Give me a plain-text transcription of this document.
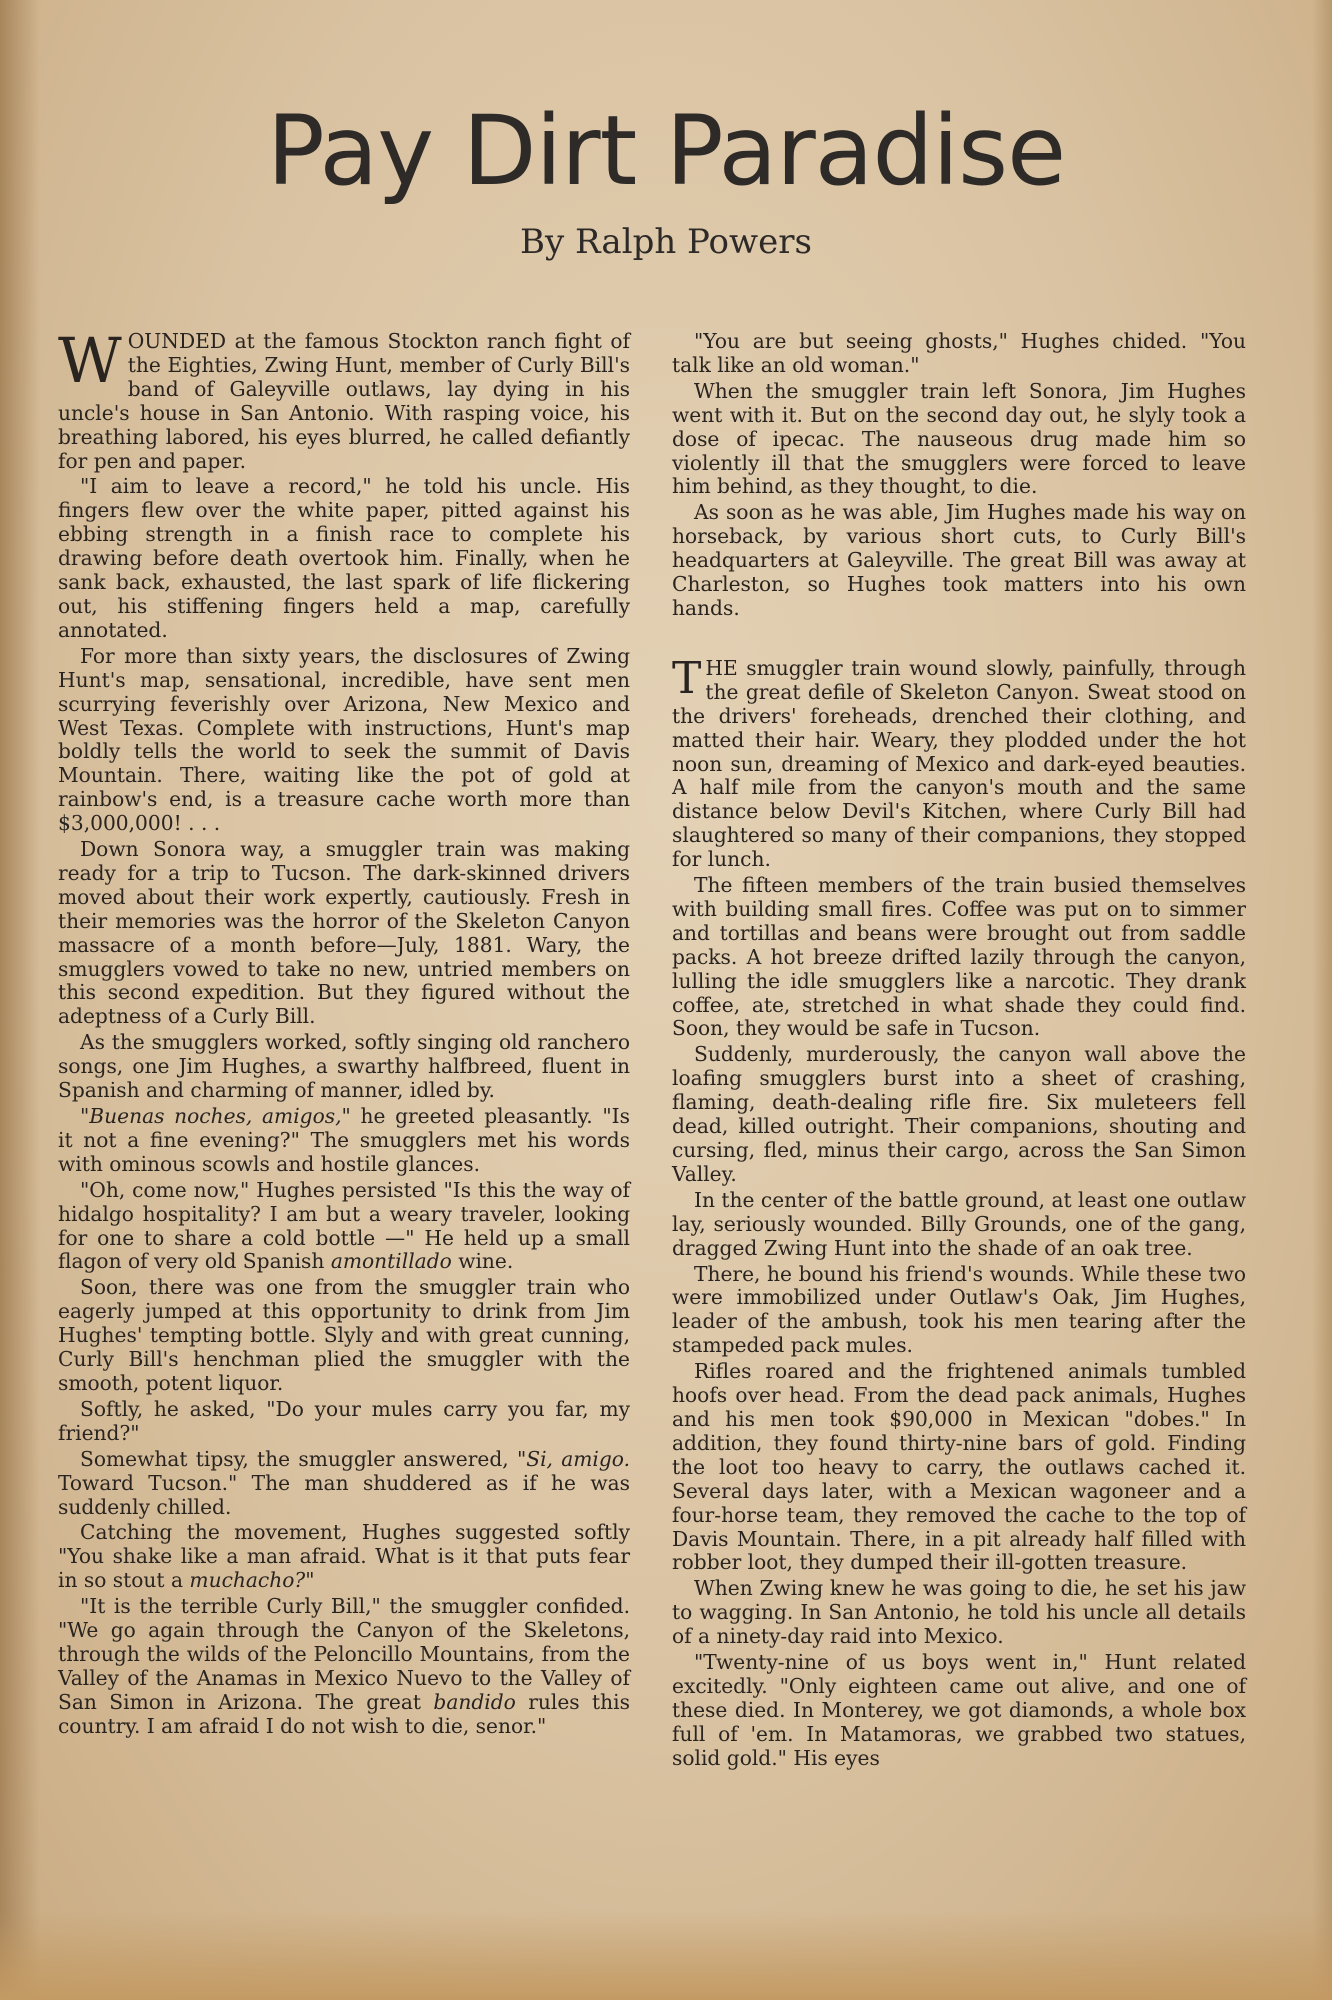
Pay Dirt Paradise
By Ralph Powers

WOUNDED at the famous Stockton ranch fight of the Eighties, Zwing Hunt, member of Curly Bill's band of Galeyville outlaws, lay dying in his uncle's house in San Antonio. With rasping voice, his breathing labored, his eyes blurred, he called defiantly for pen and paper.

"I aim to leave a record," he told his uncle. His fingers flew over the white paper, pitted against his ebbing strength in a finish race to complete his drawing before death overtook him. Finally, when he sank back, exhausted, the last spark of life flickering out, his stiffening fingers held a map, carefully annotated.

For more than sixty years, the disclosures of Zwing Hunt's map, sensational, incredible, have sent men scurrying feverishly over Arizona, New Mexico and West Texas. Complete with instructions, Hunt's map boldly tells the world to seek the summit of Davis Mountain. There, waiting like the pot of gold at rainbow's end, is a treasure cache worth more than $3,000,000! . . .

Down Sonora way, a smuggler train was making ready for a trip to Tucson. The dark-skinned drivers moved about their work expertly, cautiously. Fresh in their memories was the horror of the Skeleton Canyon massacre of a month before—July, 1881. Wary, the smugglers vowed to take no new, untried members on this second expedition. But they figured without the adeptness of a Curly Bill.

As the smugglers worked, softly singing old ranchero songs, one Jim Hughes, a swarthy halfbreed, fluent in Spanish and charming of manner, idled by.

"Buenas noches, amigos," he greeted pleasantly. "Is it not a fine evening?" The smugglers met his words with ominous scowls and hostile glances.

"Oh, come now," Hughes persisted "Is this the way of hidalgo hospitality? I am but a weary traveler, looking for one to share a cold bottle —" He held up a small flagon of very old Spanish amontillado wine.

Soon, there was one from the smuggler train who eagerly jumped at this opportunity to drink from Jim Hughes' tempting bottle. Slyly and with great cunning, Curly Bill's henchman plied the smuggler with the smooth, potent liquor.

Softly, he asked, "Do your mules carry you far, my friend?"

Somewhat tipsy, the smuggler answered, "Si, amigo. Toward Tucson." The man shuddered as if he was suddenly chilled.

Catching the movement, Hughes suggested softly "You shake like a man afraid. What is it that puts fear in so stout a muchacho?"

"It is the terrible Curly Bill," the smuggler confided. "We go again through the Canyon of the Skeletons, through the wilds of the Peloncillo Mountains, from the Valley of the Anamas in Mexico Nuevo to the Valley of San Simon in Arizona. The great bandido rules this country. I am afraid I do not wish to die, senor."

"You are but seeing ghosts," Hughes chided. "You talk like an old woman."

When the smuggler train left Sonora, Jim Hughes went with it. But on the second day out, he slyly took a dose of ipecac. The nauseous drug made him so violently ill that the smugglers were forced to leave him behind, as they thought, to die.

As soon as he was able, Jim Hughes made his way on horseback, by various short cuts, to Curly Bill's headquarters at Galeyville. The great Bill was away at Charleston, so Hughes took matters into his own hands.

THE smuggler train wound slowly, painfully, through the great defile of Skeleton Canyon. Sweat stood on the drivers' foreheads, drenched their clothing, and matted their hair. Weary, they plodded under the hot noon sun, dreaming of Mexico and dark-eyed beauties. A half mile from the canyon's mouth and the same distance below Devil's Kitchen, where Curly Bill had slaughtered so many of their companions, they stopped for lunch.

The fifteen members of the train busied themselves with building small fires. Coffee was put on to simmer and tortillas and beans were brought out from saddle packs. A hot breeze drifted lazily through the canyon, lulling the idle smugglers like a narcotic. They drank coffee, ate, stretched in what shade they could find. Soon, they would be safe in Tucson.

Suddenly, murderously, the canyon wall above the loafing smugglers burst into a sheet of crashing, flaming, death-dealing rifle fire. Six muleteers fell dead, killed outright. Their companions, shouting and cursing, fled, minus their cargo, across the San Simon Valley.

In the center of the battle ground, at least one outlaw lay, seriously wounded. Billy Grounds, one of the gang, dragged Zwing Hunt into the shade of an oak tree.

There, he bound his friend's wounds. While these two were immobilized under Outlaw's Oak, Jim Hughes, leader of the ambush, took his men tearing after the stampeded pack mules.

Rifles roared and the frightened animals tumbled hoofs over head. From the dead pack animals, Hughes and his men took $90,000 in Mexican "dobes." In addition, they found thirty-nine bars of gold. Finding the loot too heavy to carry, the outlaws cached it. Several days later, with a Mexican wagoneer and a four-horse team, they removed the cache to the top of Davis Mountain. There, in a pit already half filled with robber loot, they dumped their ill-gotten treasure.

When Zwing knew he was going to die, he set his jaw to wagging. In San Antonio, he told his uncle all details of a ninety-day raid into Mexico.

"Twenty-nine of us boys went in," Hunt related excitedly. "Only eighteen came out alive, and one of these died. In Monterey, we got diamonds, a whole box full of 'em. In Matamoras, we grabbed two statues, solid gold." His eyes
